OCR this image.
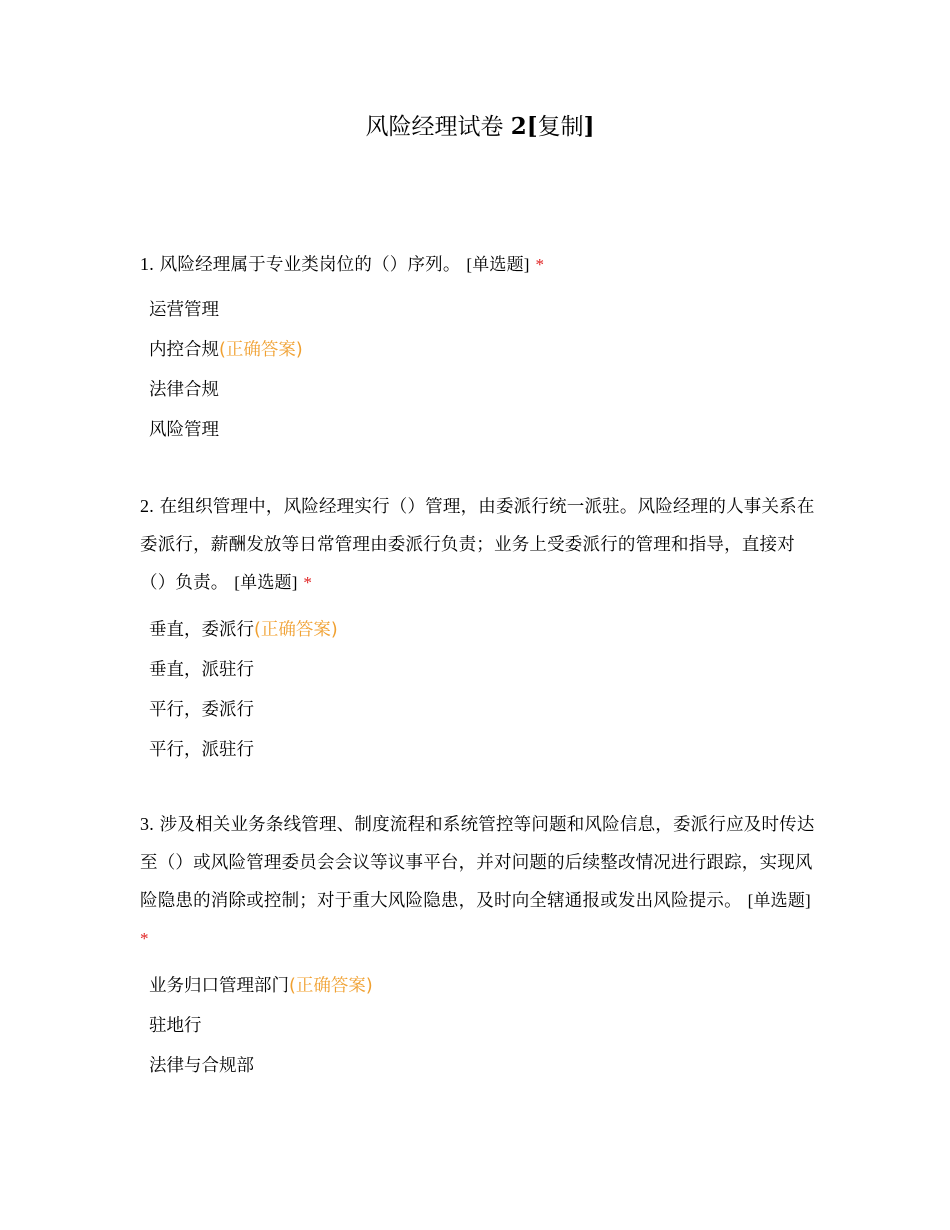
风险经理试卷 2[复制]

1. 风险经理属于专业类岗位的（）序列。 [单选题] *

运营管理
内控合规(正确答案)
法律合规
风险管理

2. 在组织管理中，风险经理实行（）管理，由委派行统一派驻。风险经理的人事关系在委派行，薪酬发放等日常管理由委派行负责；业务上受委派行的管理和指导，直接对（）负责。 [单选题] *

垂直，委派行(正确答案)
垂直，派驻行
平行，委派行
平行，派驻行

3. 涉及相关业务条线管理、制度流程和系统管控等问题和风险信息，委派行应及时传达至（）或风险管理委员会会议等议事平台，并对问题的后续整改情况进行跟踪，实现风险隐患的消除或控制；对于重大风险隐患，及时向全辖通报或发出风险提示。 [单选题] *

业务归口管理部门(正确答案)
驻地行
法律与合规部
